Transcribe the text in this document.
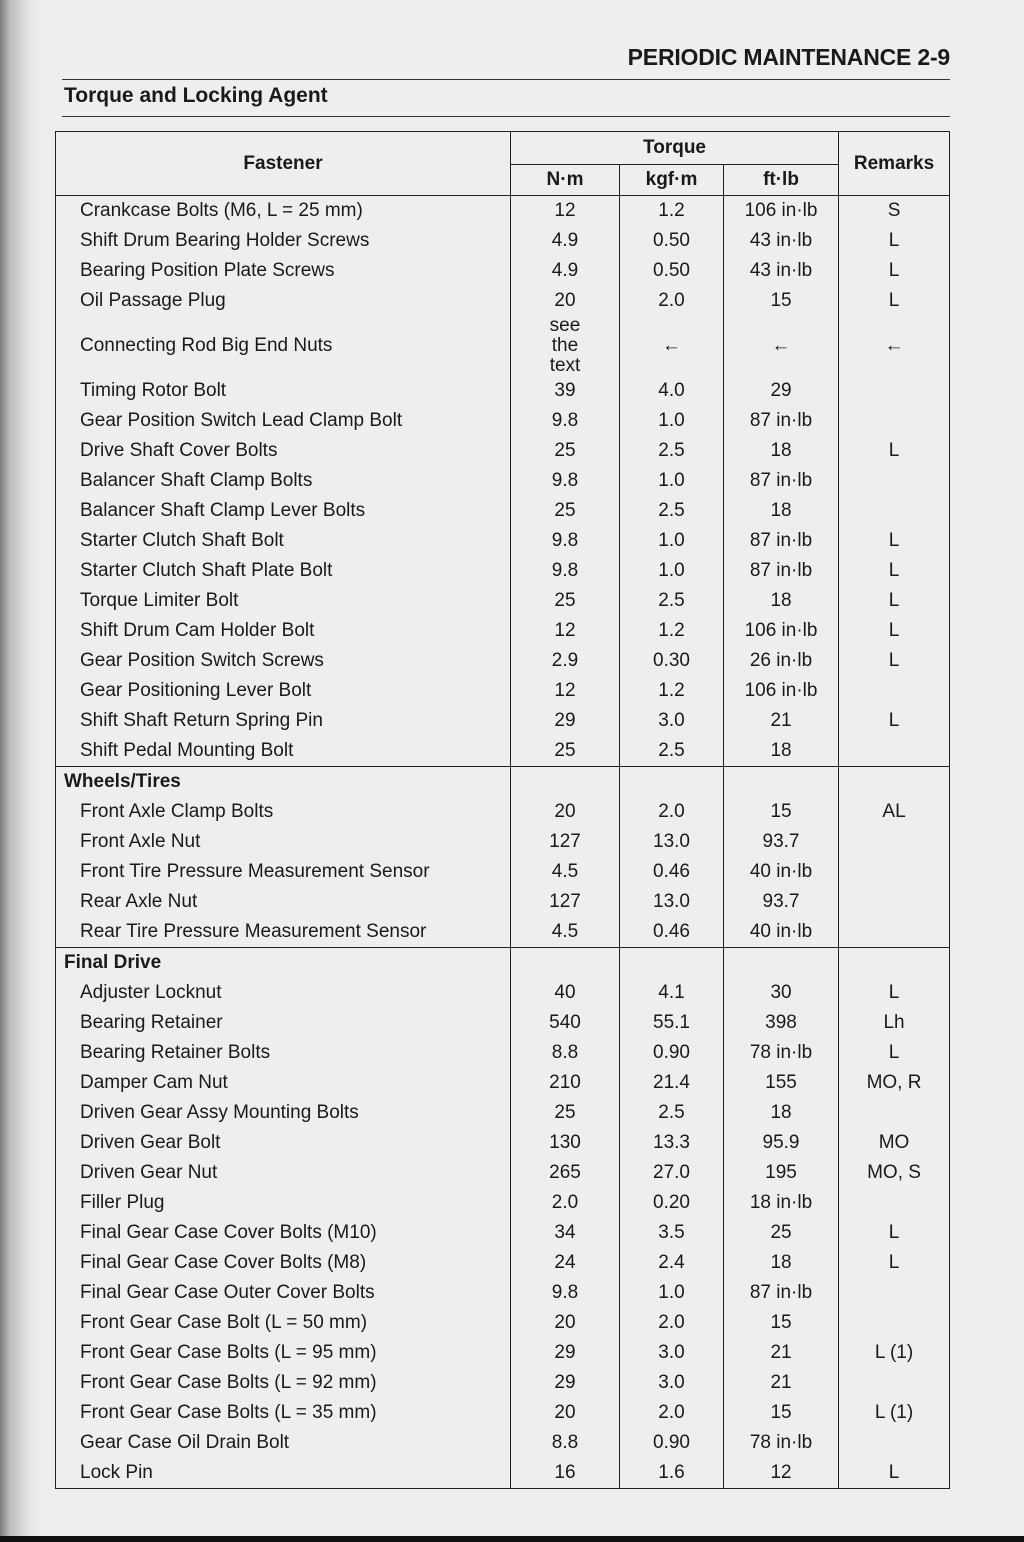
PERIODIC MAINTENANCE 2-9
Torque and Locking Agent
Fastener	Torque			Remarks
	N·m	kgf·m	ft·lb	
Crankcase Bolts (M6, L = 25 mm)	12	1.2	106 in·lb	S
Shift Drum Bearing Holder Screws	4.9	0.50	43 in·lb	L
Bearing Position Plate Screws	4.9	0.50	43 in·lb	L
Oil Passage Plug	20	2.0	15	L
Connecting Rod Big End Nuts	see the text	←	←	←
Timing Rotor Bolt	39	4.0	29	
Gear Position Switch Lead Clamp Bolt	9.8	1.0	87 in·lb	
Drive Shaft Cover Bolts	25	2.5	18	L
Balancer Shaft Clamp Bolts	9.8	1.0	87 in·lb	
Balancer Shaft Clamp Lever Bolts	25	2.5	18	
Starter Clutch Shaft Bolt	9.8	1.0	87 in·lb	L
Starter Clutch Shaft Plate Bolt	9.8	1.0	87 in·lb	L
Torque Limiter Bolt	25	2.5	18	L
Shift Drum Cam Holder Bolt	12	1.2	106 in·lb	L
Gear Position Switch Screws	2.9	0.30	26 in·lb	L
Gear Positioning Lever Bolt	12	1.2	106 in·lb	
Shift Shaft Return Spring Pin	29	3.0	21	L
Shift Pedal Mounting Bolt	25	2.5	18	
Wheels/Tires				
Front Axle Clamp Bolts	20	2.0	15	AL
Front Axle Nut	127	13.0	93.7	
Front Tire Pressure Measurement Sensor	4.5	0.46	40 in·lb	
Rear Axle Nut	127	13.0	93.7	
Rear Tire Pressure Measurement Sensor	4.5	0.46	40 in·lb	
Final Drive				
Adjuster Locknut	40	4.1	30	L
Bearing Retainer	540	55.1	398	Lh
Bearing Retainer Bolts	8.8	0.90	78 in·lb	L
Damper Cam Nut	210	21.4	155	MO, R
Driven Gear Assy Mounting Bolts	25	2.5	18	
Driven Gear Bolt	130	13.3	95.9	MO
Driven Gear Nut	265	27.0	195	MO, S
Filler Plug	2.0	0.20	18 in·lb	
Final Gear Case Cover Bolts (M10)	34	3.5	25	L
Final Gear Case Cover Bolts (M8)	24	2.4	18	L
Final Gear Case Outer Cover Bolts	9.8	1.0	87 in·lb	
Front Gear Case Bolt (L = 50 mm)	20	2.0	15	
Front Gear Case Bolts (L = 95 mm)	29	3.0	21	L (1)
Front Gear Case Bolts (L = 92 mm)	29	3.0	21	
Front Gear Case Bolts (L = 35 mm)	20	2.0	15	L (1)
Gear Case Oil Drain Bolt	8.8	0.90	78 in·lb	
Lock Pin	16	1.6	12	L
